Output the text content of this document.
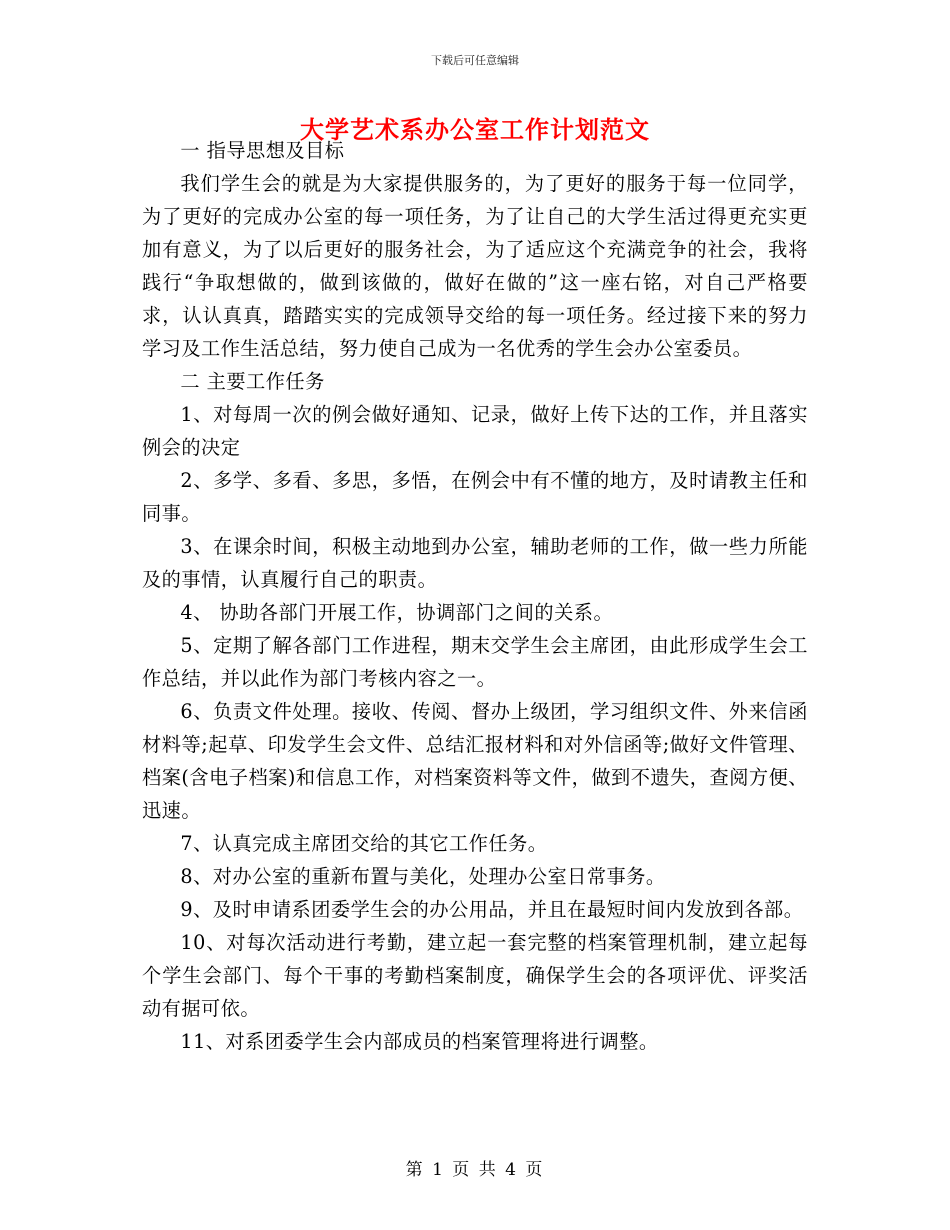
下载后可任意编辑
大学艺术系办公室工作计划范文

一 指导思想及目标

我们学生会的就是为大家提供服务的，为了更好的服务于每一位同学，为了更好的完成办公室的每一项任务，为了让自己的大学生活过得更充实更加有意义，为了以后更好的服务社会，为了适应这个充满竞争的社会，我将践行“争取想做的，做到该做的，做好在做的”这一座右铭，对自己严格要求，认认真真，踏踏实实的完成领导交给的每一项任务。经过接下来的努力学习及工作生活总结，努力使自己成为一名优秀的学生会办公室委员。

二 主要工作任务

1、对每周一次的例会做好通知、记录，做好上传下达的工作，并且落实例会的决定

2、多学、多看、多思，多悟，在例会中有不懂的地方，及时请教主任和同事。

3、在课余时间，积极主动地到办公室，辅助老师的工作，做一些力所能及的事情，认真履行自己的职责。

4、 协助各部门开展工作，协调部门之间的关系。

5、定期了解各部门工作进程，期末交学生会主席团，由此形成学生会工作总结，并以此作为部门考核内容之一。

6、负责文件处理。接收、传阅、督办上级团，学习组织文件、外来信函材料等;起草、印发学生会文件、总结汇报材料和对外信函等;做好文件管理、档案(含电子档案)和信息工作，对档案资料等文件，做到不遗失，查阅方便、迅速。

7、认真完成主席团交给的其它工作任务。

8、对办公室的重新布置与美化，处理办公室日常事务。

9、及时申请系团委学生会的办公用品，并且在最短时间内发放到各部。

10、对每次活动进行考勤，建立起一套完整的档案管理机制，建立起每个学生会部门、每个干事的考勤档案制度，确保学生会的各项评优、评奖活动有据可依。

11、对系团委学生会内部成员的档案管理将进行调整。

第 1 页 共 4 页
